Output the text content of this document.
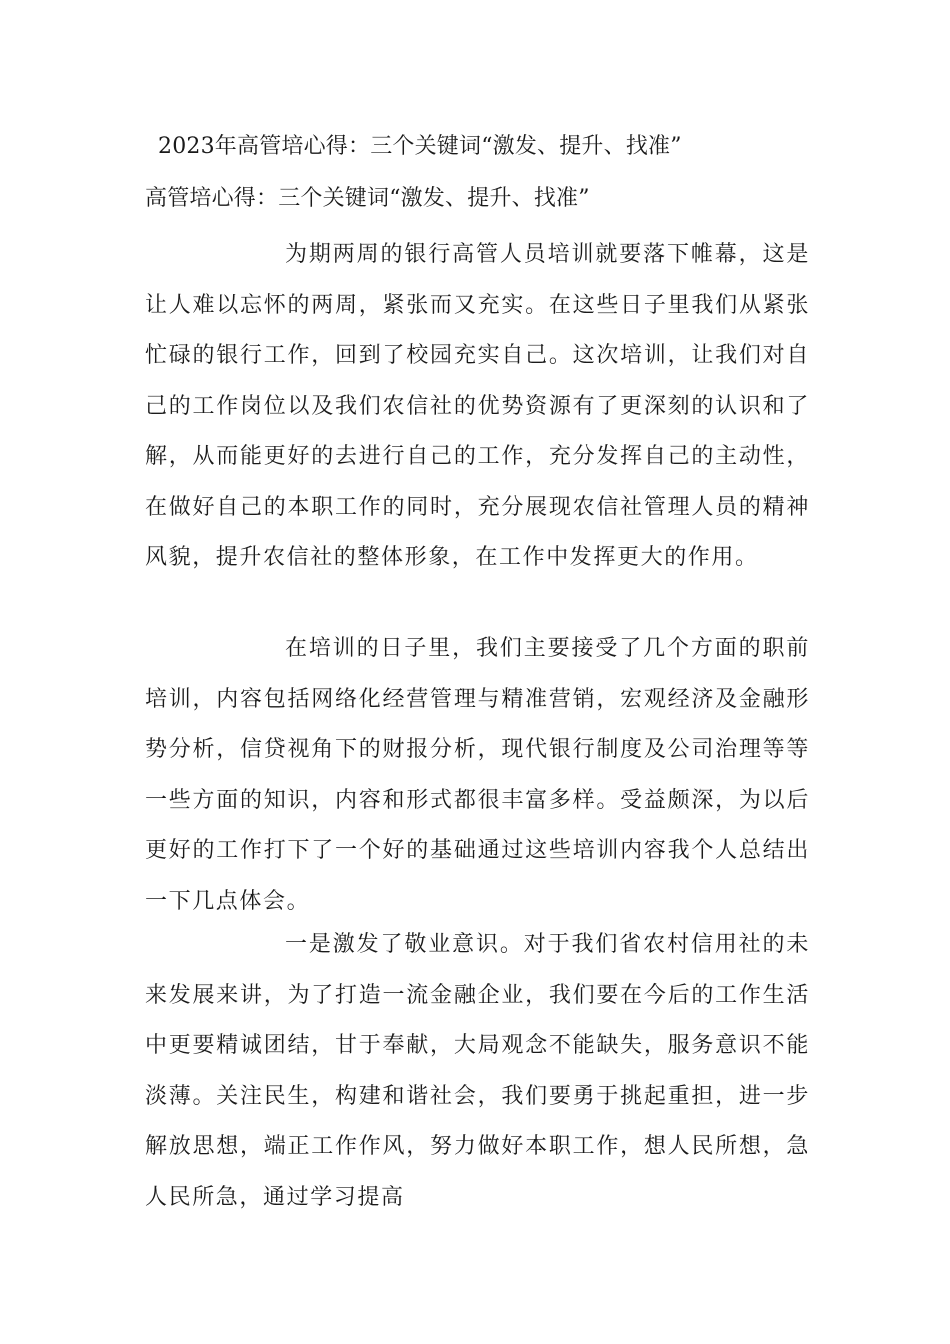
2023年高管培心得：三个关键词“激发、提升、找准”
高管培心得：三个关键词“激发、提升、找准”

为期两周的银行高管人员培训就要落下帷幕，这是让人难以忘怀的两周，紧张而又充实。在这些日子里我们从紧张忙碌的银行工作，回到了校园充实自己。这次培训，让我们对自己的工作岗位以及我们农信社的优势资源有了更深刻的认识和了解，从而能更好的去进行自己的工作，充分发挥自己的主动性，在做好自己的本职工作的同时，充分展现农信社管理人员的精神风貌，提升农信社的整体形象，在工作中发挥更大的作用。

在培训的日子里，我们主要接受了几个方面的职前培训，内容包括网络化经营管理与精准营销，宏观经济及金融形势分析，信贷视角下的财报分析，现代银行制度及公司治理等等一些方面的知识，内容和形式都很丰富多样。受益颇深，为以后更好的工作打下了一个好的基础通过这些培训内容我个人总结出一下几点体会。

一是激发了敬业意识。对于我们省农村信用社的未来发展来讲，为了打造一流金融企业，我们要在今后的工作生活中更要精诚团结，甘于奉献，大局观念不能缺失，服务意识不能淡薄。关注民生，构建和谐社会，我们要勇于挑起重担，进一步解放思想，端正工作作风，努力做好本职工作，想人民所想，急人民所急，通过学习提高
